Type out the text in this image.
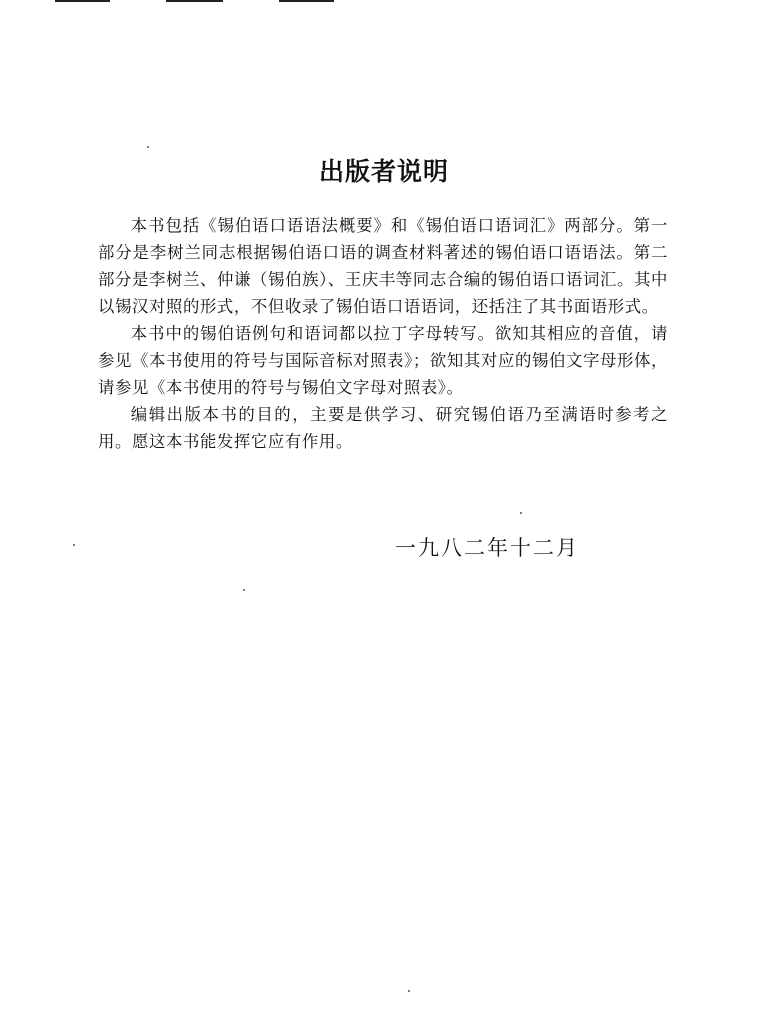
出版者说明

本书包括《锡伯语口语语法概要》和《锡伯语口语词汇》两部分。第一部分是李树兰同志根据锡伯语口语的调查材料著述的锡伯语口语语法。第二部分是李树兰、仲谦（锡伯族）、王庆丰等同志合编的锡伯语口语词汇。其中以锡汉对照的形式，不但收录了锡伯语口语语词，还括注了其书面语形式。

本书中的锡伯语例句和语词都以拉丁字母转写。欲知其相应的音值，请参见《本书使用的符号与国际音标对照表》；欲知其对应的锡伯文字母形体，请参见《本书使用的符号与锡伯文字母对照表》。

编辑出版本书的目的，主要是供学习、研究锡伯语乃至满语时参考之用。愿这本书能发挥它应有作用。

一九八二年十二月
